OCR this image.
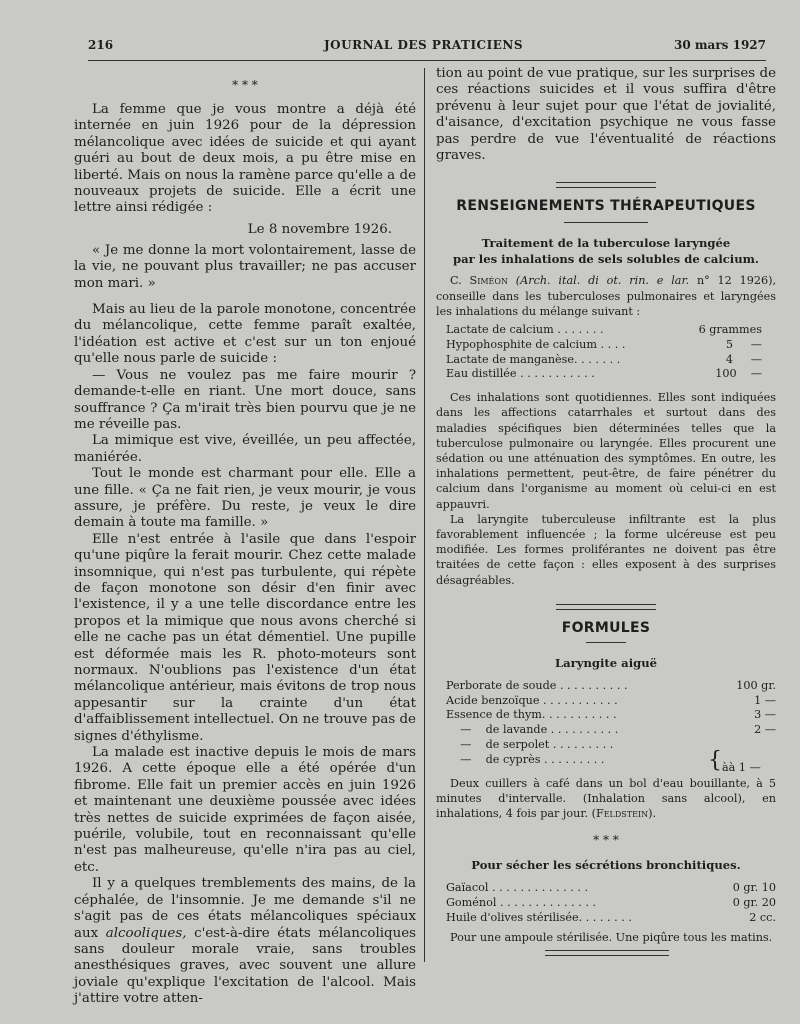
216	JOURNAL DES PRATICIENS	30 mars 1927
* * *

La femme que je vous montre a déjà été internée en juin 1926 pour de la dépression mélancolique avec idées de suicide et qui ayant guéri au bout de deux mois, a pu être mise en liberté. Mais on nous la ramène parce qu'elle a de nouveaux projets de suicide. Elle a écrit une lettre ainsi rédigée :

Le 8 novembre 1926.

« Je me donne la mort volontairement, lasse de la vie, ne pouvant plus travailler; ne pas accuser mon mari. »

Mais au lieu de la parole monotone, concentrée du mélancolique, cette femme paraît exaltée, l'idéation est active et c'est sur un ton enjoué qu'elle nous parle de suicide :

— Vous ne voulez pas me faire mourir ? demande-t-elle en riant. Une mort douce, sans souffrance ? Ça m'irait très bien pourvu que je ne me réveille pas.

La mimique est vive, éveillée, un peu affectée, maniérée.

Tout le monde est charmant pour elle. Elle a une fille. « Ça ne fait rien, je veux mourir, je vous assure, je préfère. Du reste, je veux le dire demain à toute ma famille. »

Elle n'est entrée à l'asile que dans l'espoir qu'une piqûre la ferait mourir. Chez cette malade insomnique, qui n'est pas turbulente, qui répète de façon monotone son désir d'en finir avec l'existence, il y a une telle discordance entre les propos et la mimique que nous avons cherché si elle ne cache pas un état démentiel. Une pupille est déformée mais les R. photo-moteurs sont normaux. N'oublions pas l'existence d'un état mélancolique antérieur, mais évitons de trop nous appesantir sur la crainte d'un état d'affaiblissement intellectuel. On ne trouve pas de signes d'éthylisme.

La malade est inactive depuis le mois de mars 1926. A cette époque elle a été opérée d'un fibrome. Elle fait un premier accès en juin 1926 et maintenant une deuxième poussée avec idées très nettes de suicide exprimées de façon aisée, puérile, volubile, tout en reconnaissant qu'elle n'est pas malheureuse, qu'elle n'ira pas au ciel, etc.

Il y a quelques tremblements des mains, de la céphalée, de l'insomnie. Je me demande s'il ne s'agit pas de ces états mélancoliques spéciaux aux alcooliques, c'est-à-dire états mélancoliques sans douleur morale vraie, sans troubles anesthésiques graves, avec souvent une allure joviale qu'explique l'excitation de l'alcool. Mais j'attire votre atten-

tion au point de vue pratique, sur les surprises de ces réactions suicides et il vous suffira d'être prévenu à leur sujet pour que l'état de jovialité, d'aisance, d'excitation psychique ne vous fasse pas perdre de vue l'éventualité de réactions graves.

RENSEIGNEMENTS THÉRAPEUTIQUES
Traitement de la tuberculose laryngée
par les inhalations de sels solubles de calcium.

C. Siméon (Arch. ital. di ot. rin. e lar. n° 12 1926), conseille dans les tuberculoses pulmonaires et laryngées les inhalations du mélange suivant :

Lactate de calcium . . . . . . .	6 grammes
Hypophosphite de calcium . . . .	5     —
Lactate de manganèse. . . . . . .	4     —
Eau distillée . . . . . . . . . . .	100    —

Ces inhalations sont quotidiennes. Elles sont indiquées dans les affections catarrhales et surtout dans des maladies spécifiques bien déterminées telles que la tuberculose pulmonaire ou laryngée. Elles procurent une sédation ou une atténuation des symptômes. En outre, les inhalations permettent, peut-être, de faire pénétrer du calcium dans l'organisme au moment où celui-ci en est appauvri.

La laryngite tuberculeuse infiltrante est la plus favorablement influencée ; la forme ulcéreuse est peu modifiée. Les formes proliférantes ne doivent pas être traitées de cette façon : elles exposent à des surprises désagréables.

FORMULES
Laryngite aiguë
Perborate de soude . . . . . . . . . .	100 gr.
Acide benzoïque . . . . . . . . . . .	1 —
Essence de thym. . . . . . . . . . .	3 —
—    de lavande . . . . . . . . . .	2 —
—    de serpolet . . . . . . . . .
—    de cyprès . . . . . . . . .	{ àà 1 —

Deux cuillers à café dans un bol d'eau bouillante, à 5 minutes d'intervalle. (Inhalation sans alcool), en inhalations, 4 fois par jour. (Feldstein).

* * *
Pour sécher les sécrétions bronchitiques.
Gaïacol . . . . . . . . . . . . . .	0 gr. 10
Goménol . . . . . . . . . . . . . .	0 gr. 20
Huile d'olives stérilisée. . . . . . . .	2 cc.

Pour une ampoule stérilisée. Une piqûre tous les matins.
